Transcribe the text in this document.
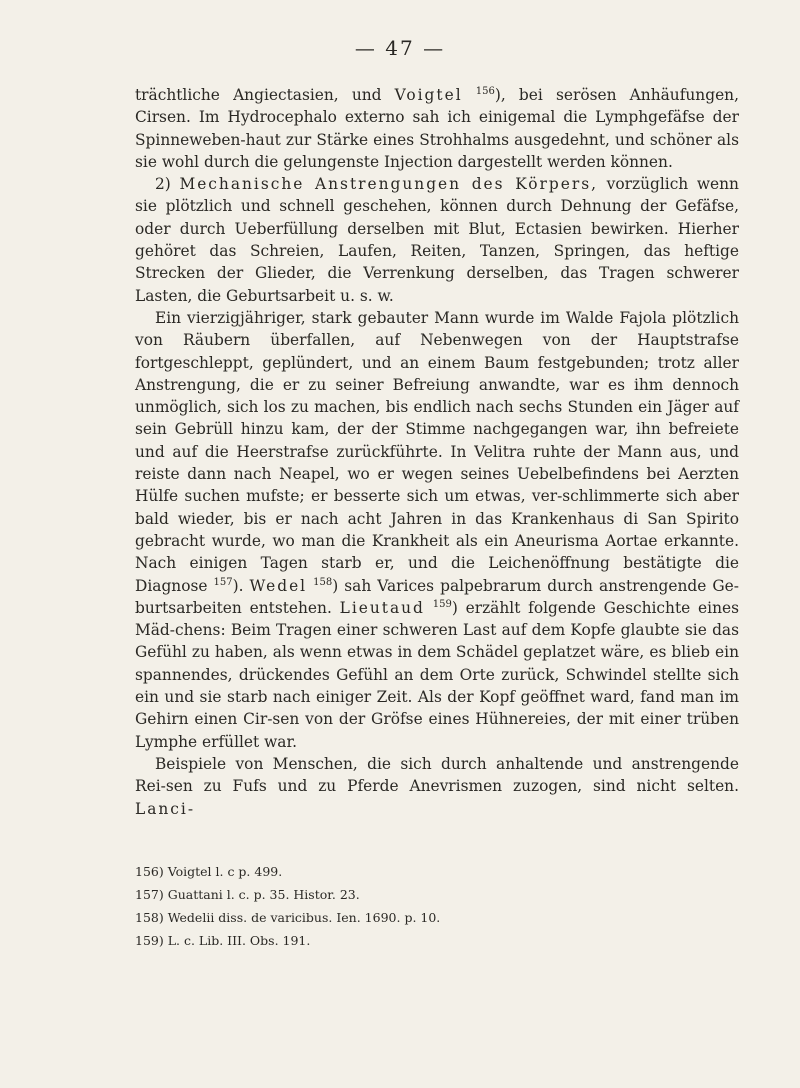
— 47 —

trächtliche Angiectasien, und Voigtel $^{156}$), bei serösen Anhäufungen, Cirsen. Im Hydrocephalo externo sah ich einigemal die Lymphgefäfse der Spinneweben-haut zur Stärke eines Strohhalms ausgedehnt, und schöner als sie wohl durch die gelungenste Injection dargestellt werden können.

2) Mechanische Anstrengungen des Körpers, vorzüglich wenn sie plötzlich und schnell geschehen, können durch Dehnung der Gefäfse, oder durch Ueberfüllung derselben mit Blut, Ectasien bewirken. Hierher gehöret das Schreien, Laufen, Reiten, Tanzen, Springen, das heftige Strecken der Glieder, die Verrenkung derselben, das Tragen schwerer Lasten, die Geburtsarbeit u. s. w.

Ein vierzigjähriger, stark gebauter Mann wurde im Walde Fajola plötzlich von Räubern überfallen, auf Nebenwegen von der Hauptstrafse fortgeschleppt, geplündert, und an einem Baum festgebunden; trotz aller Anstrengung, die er zu seiner Befreiung anwandte, war es ihm dennoch unmöglich, sich los zu machen, bis endlich nach sechs Stunden ein Jäger auf sein Gebrüll hinzu kam, der der Stimme nachgegangen war, ihn befreiete und auf die Heerstrafse zurückführte. In Velitra ruhte der Mann aus, und reiste dann nach Neapel, wo er wegen seines Uebelbefindens bei Aerzten Hülfe suchen mufste; er besserte sich um etwas, ver-schlimmerte sich aber bald wieder, bis er nach acht Jahren in das Krankenhaus di San Spirito gebracht wurde, wo man die Krankheit als ein Aneurisma Aortae erkannte. Nach einigen Tagen starb er, und die Leichenöffnung bestätigte die Diagnose $^{157}$). Wedel $^{158}$) sah Varices palpebrarum durch anstrengende Ge-burtsarbeiten entstehen. Lieutaud $^{159}$) erzählt folgende Geschichte eines Mäd-chens: Beim Tragen einer schweren Last auf dem Kopfe glaubte sie das Gefühl zu haben, als wenn etwas in dem Schädel geplatzet wäre, es blieb ein spannendes, drückendes Gefühl an dem Orte zurück, Schwindel stellte sich ein und sie starb nach einiger Zeit. Als der Kopf geöffnet ward, fand man im Gehirn einen Cir-sen von der Gröfse eines Hühnereies, der mit einer trüben Lymphe erfüllet war.

Beispiele von Menschen, die sich durch anhaltende und anstrengende Rei-sen zu Fufs und zu Pferde Anevrismen zuzogen, sind nicht selten. Lanci-

156) Voigtel l. c p. 499.
157) Guattani l. c. p. 35. Histor. 23.
158) Wedelii diss. de varicibus. Ien. 1690. p. 10.
159) L. c. Lib. III. Obs. 191.
